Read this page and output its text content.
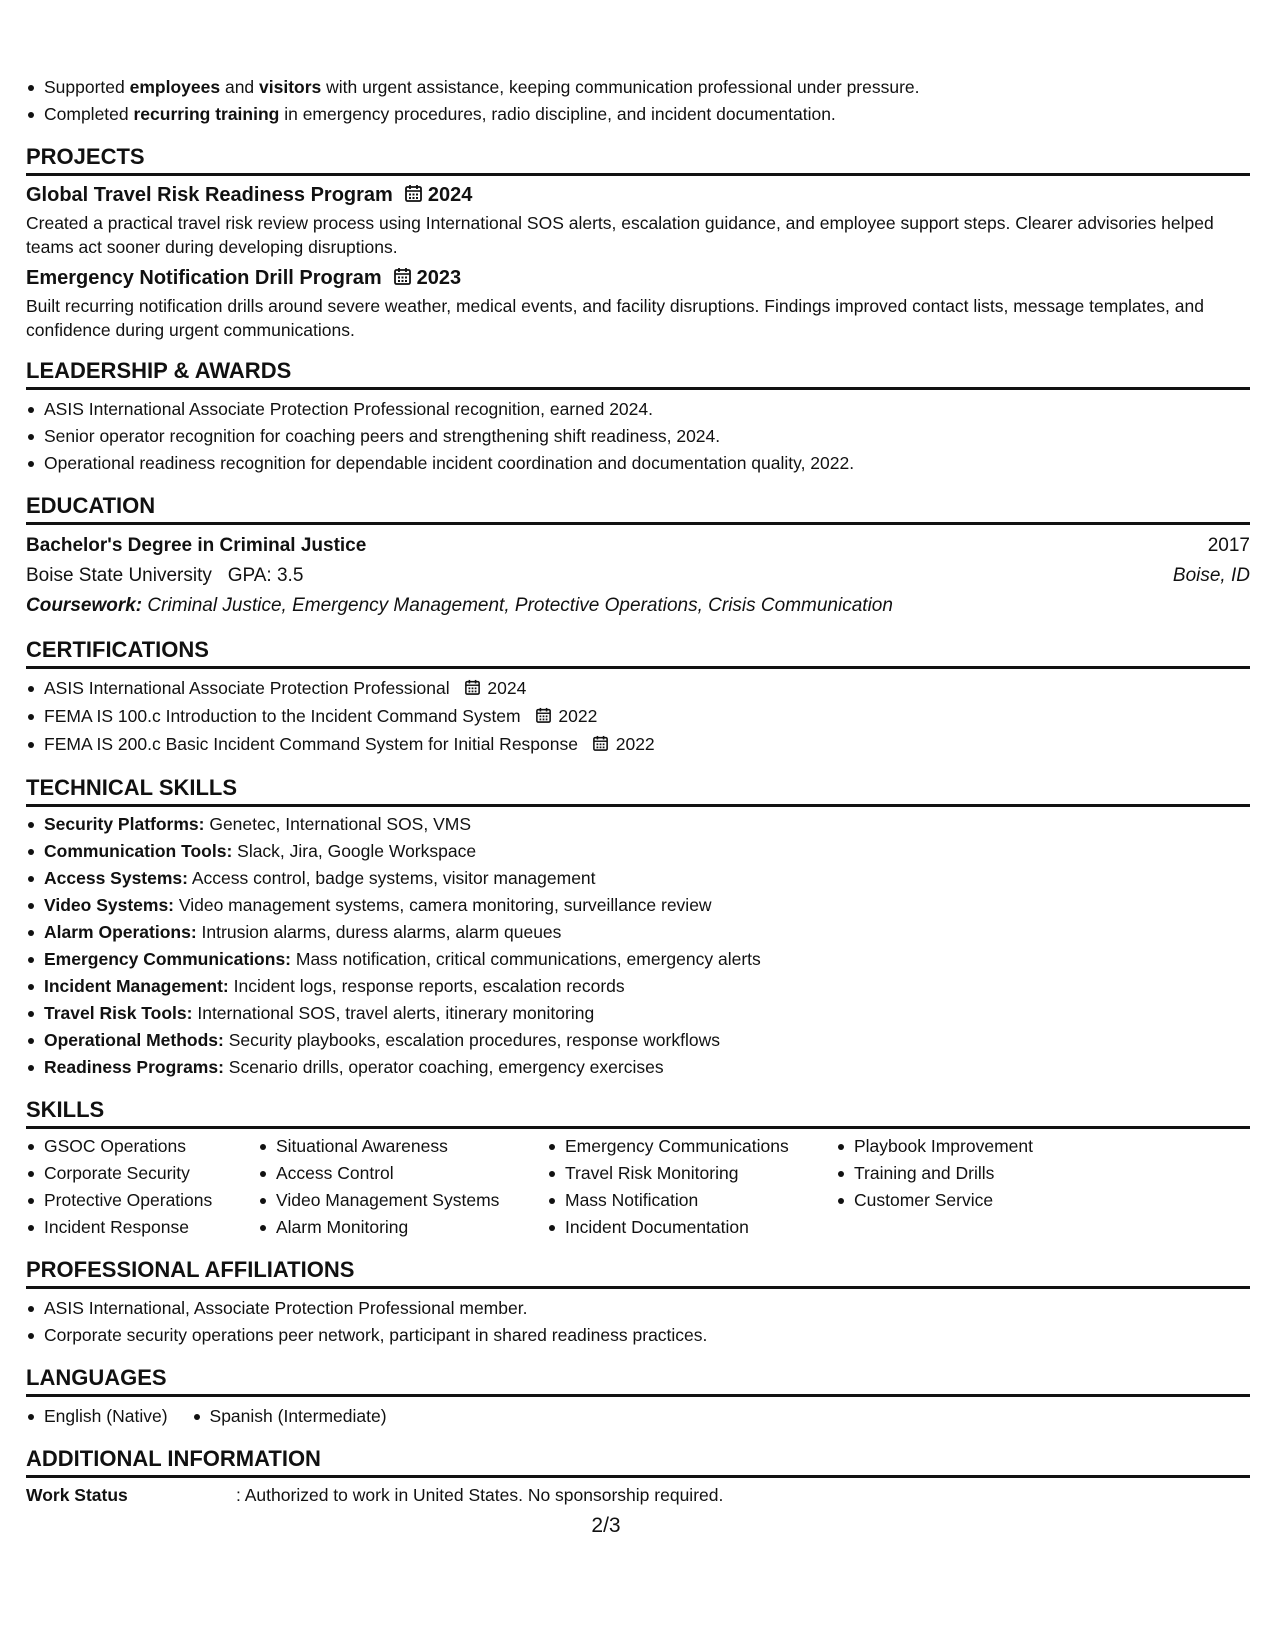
Supported employees and visitors with urgent assistance, keeping communication professional under pressure.
Completed recurring training in emergency procedures, radio discipline, and incident documentation.
PROJECTS
Global Travel Risk Readiness Program 2024

Created a practical travel risk review process using International SOS alerts, escalation guidance, and employee support steps. Clearer advisories helped teams act sooner during developing disruptions.

Emergency Notification Drill Program 2023

Built recurring notification drills around severe weather, medical events, and facility disruptions. Findings improved contact lists, message templates, and confidence during urgent communications.

LEADERSHIP & AWARDS
ASIS International Associate Protection Professional recognition, earned 2024.
Senior operator recognition for coaching peers and strengthening shift readiness, 2024.
Operational readiness recognition for dependable incident coordination and documentation quality, 2022.
EDUCATION
Bachelor's Degree in Criminal Justice	2017
Boise State University GPA: 3.5	Boise, ID
Coursework: Criminal Justice, Emergency Management, Protective Operations, Crisis Communication
CERTIFICATIONS
ASIS International Associate Protection Professional 2024
FEMA IS 100.c Introduction to the Incident Command System 2022
FEMA IS 200.c Basic Incident Command System for Initial Response 2022
TECHNICAL SKILLS
Security Platforms: Genetec, International SOS, VMS
Communication Tools: Slack, Jira, Google Workspace
Access Systems: Access control, badge systems, visitor management
Video Systems: Video management systems, camera monitoring, surveillance review
Alarm Operations: Intrusion alarms, duress alarms, alarm queues
Emergency Communications: Mass notification, critical communications, emergency alerts
Incident Management: Incident logs, response reports, escalation records
Travel Risk Tools: International SOS, travel alerts, itinerary monitoring
Operational Methods: Security playbooks, escalation procedures, response workflows
Readiness Programs: Scenario drills, operator coaching, emergency exercises
SKILLS
GSOC Operations
Corporate Security
Protective Operations
Incident Response
Situational Awareness
Access Control
Video Management Systems
Alarm Monitoring
Emergency Communications
Travel Risk Monitoring
Mass Notification
Incident Documentation
Playbook Improvement
Training and Drills
Customer Service
PROFESSIONAL AFFILIATIONS
ASIS International, Associate Protection Professional member.
Corporate security operations peer network, participant in shared readiness practices.
LANGUAGES
English (Native) Spanish (Intermediate)
ADDITIONAL INFORMATION
Work Status	: Authorized to work in United States. No sponsorship required.
2/3
